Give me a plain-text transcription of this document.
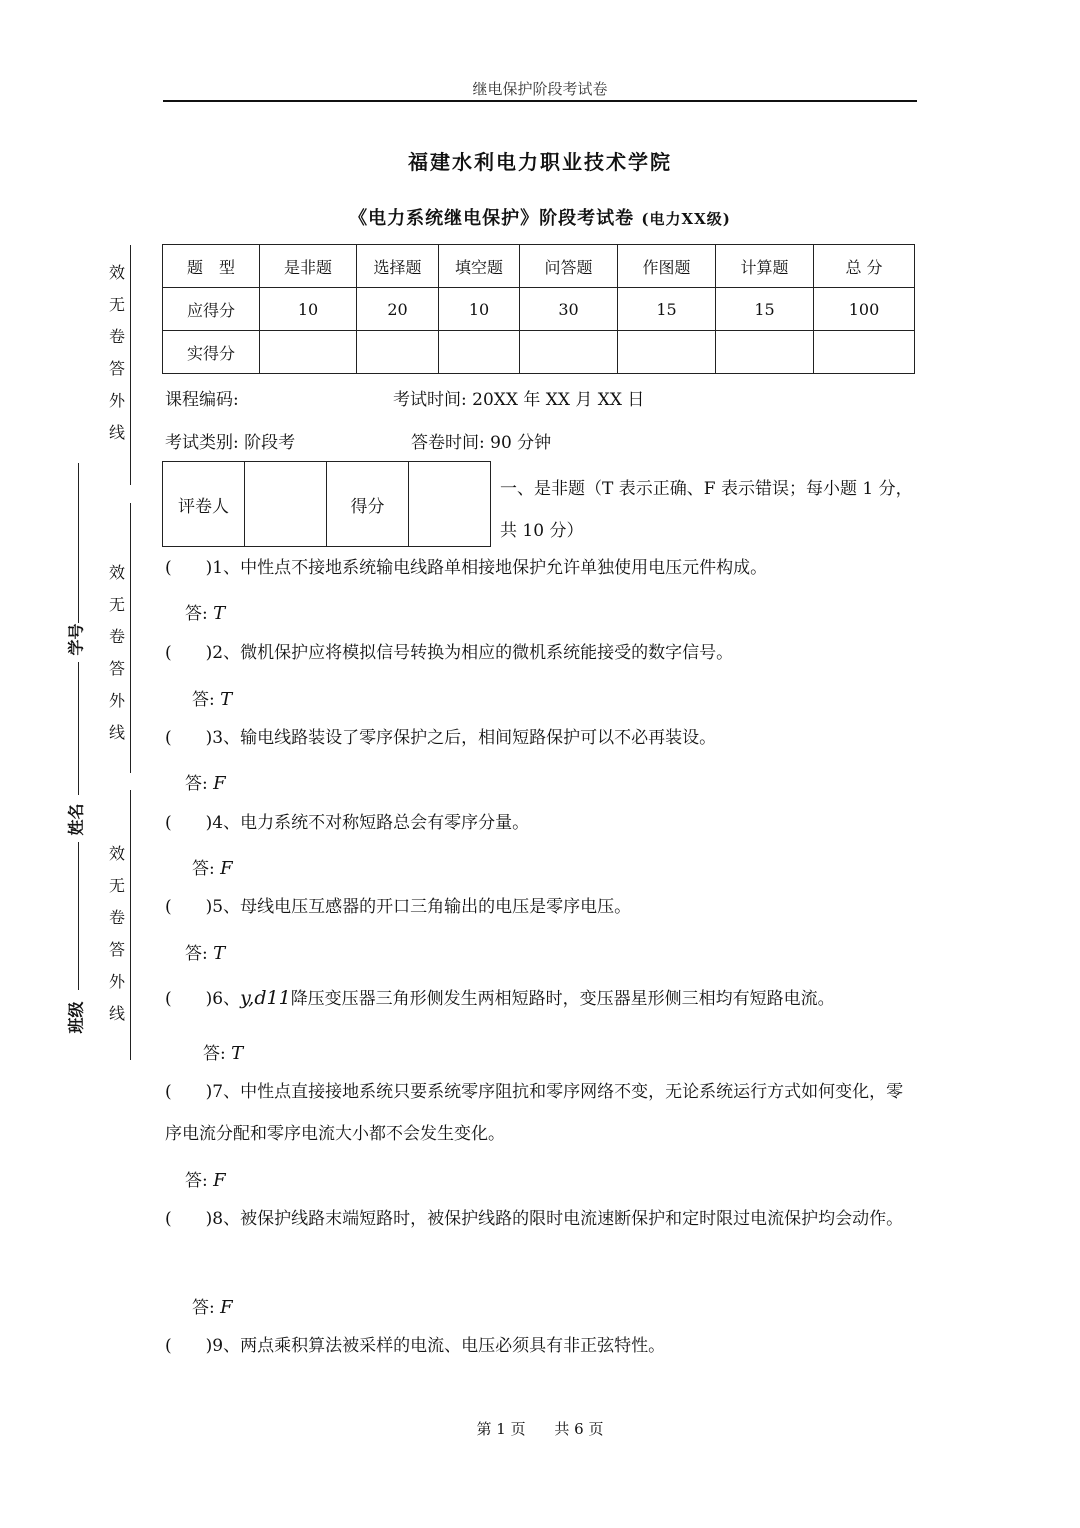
继电保护阶段考试卷
福建水利电力职业技术学院
《电力系统继电保护》阶段考试卷 (电力XX级)
题　型	是非题	选择题	填空题	问答题	作图题	计算题	总 分
应得分	10	20	10	30	15	15	100
实得分							
课程编码:	考试时间: 20XX 年 XX 月 XX 日
考试类别: 阶段考	答卷时间: 90 分钟
评卷人		得分	
一、是非题（T 表示正确、F 表示错误；每小题 1 分，共 10 分）
(　　)1、中性点不接地系统输电线路单相接地保护允许单独使用电压元件构成。
答: T
(　　)2、微机保护应将模拟信号转换为相应的微机系统能接受的数字信号。
答: T
(　　)3、输电线路装设了零序保护之后，相间短路保护可以不必再装设。
答: F
(　　)4、电力系统不对称短路总会有零序分量。
答: F
(　　)5、母线电压互感器的开口三角输出的电压是零序电压。
答: T
(　　)6、y,d11降压变压器三角形侧发生两相短路时，变压器星形侧三相均有短路电流。
答: T
(　　)7、中性点直接接地系统只要系统零序阻抗和零序网络不变，无论系统运行方式如何变化，零序电流分配和零序电流大小都不会发生变化。
答: F
(　　)8、被保护线路末端短路时，被保护线路的限时电流速断保护和定时限过电流保护均会动作。
答: F
(　　)9、两点乘积算法被采样的电流、电压必须具有非正弦特性。
第 1 页 共 6 页
效
无
卷
答
外
线
效
无
卷
答
外
线
效
无
卷
答
外
线
学号
姓名
班级
